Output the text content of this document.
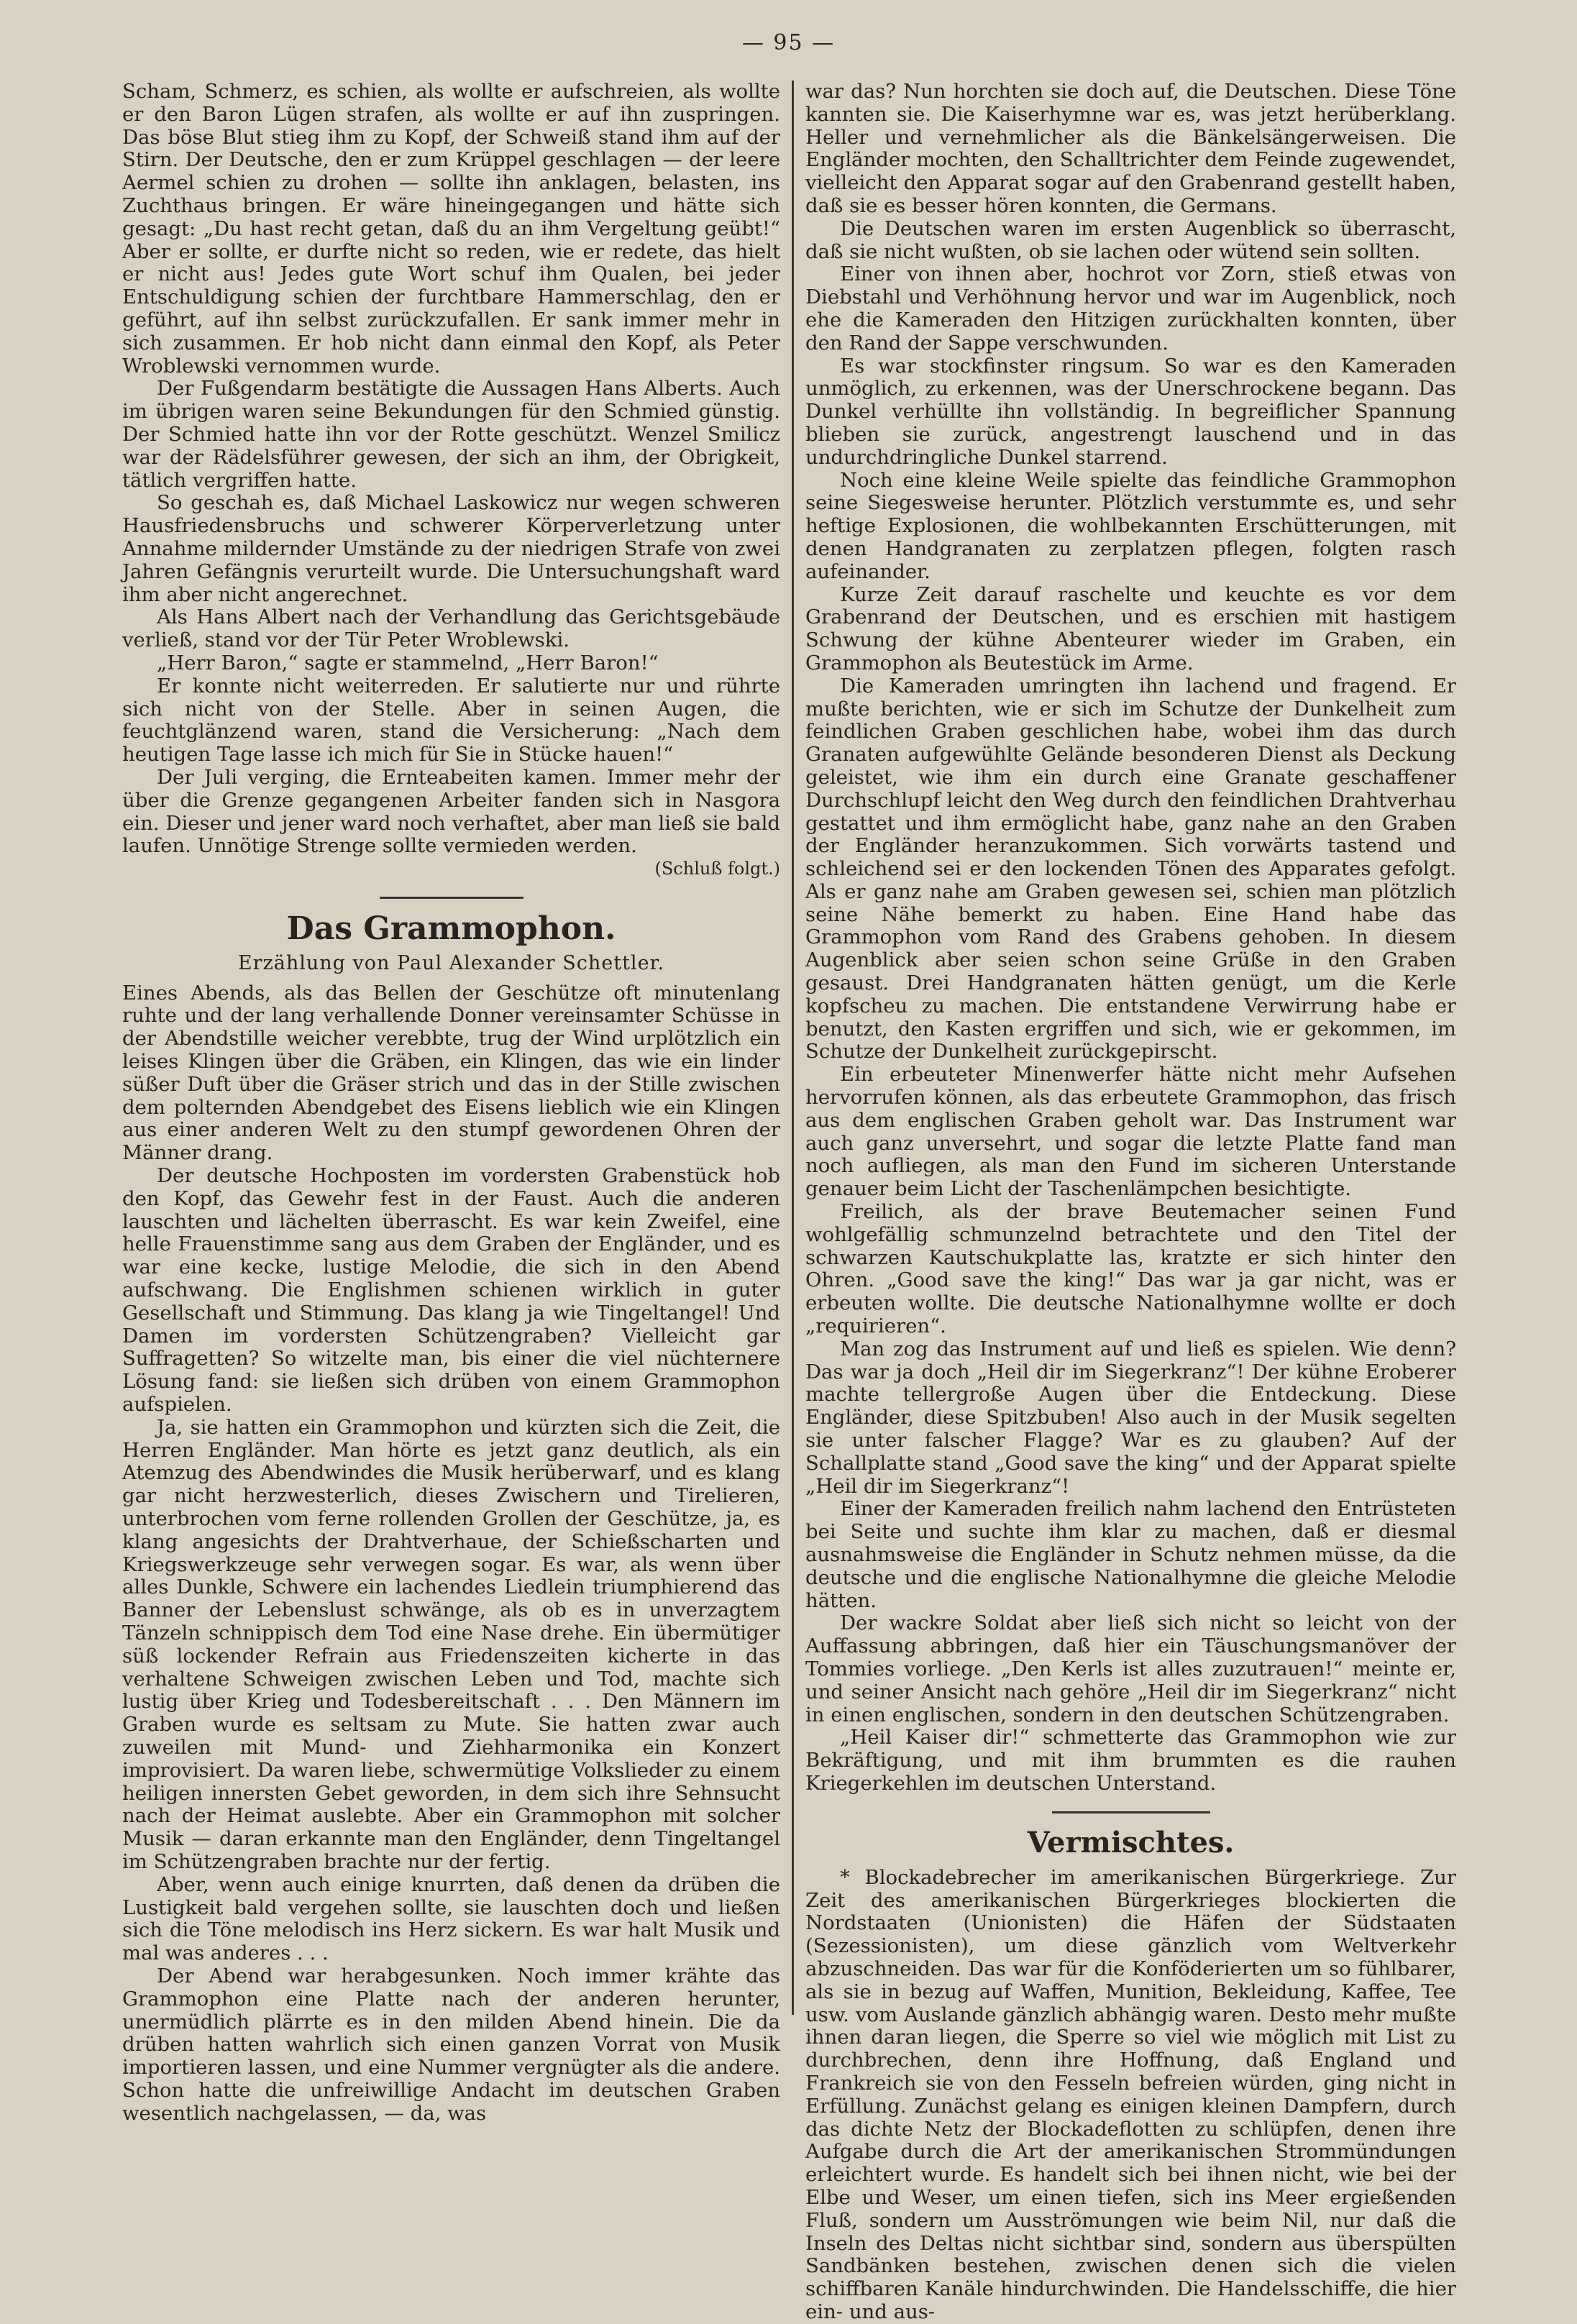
— 95 —

Scham, Schmerz, es schien, als wollte er aufschreien, als wollte er den Baron Lügen strafen, als wollte er auf ihn zuspringen. Das böse Blut stieg ihm zu Kopf, der Schweiß stand ihm auf der Stirn. Der Deutsche, den er zum Krüppel geschlagen — der leere Aermel schien zu drohen — sollte ihn anklagen, belasten, ins Zuchthaus bringen. Er wäre hineingegangen und hätte sich gesagt: „Du hast recht getan, daß du an ihm Vergeltung geübt!“ Aber er sollte, er durfte nicht so reden, wie er redete, das hielt er nicht aus! Jedes gute Wort schuf ihm Qualen, bei jeder Entschuldigung schien der furchtbare Hammerschlag, den er geführt, auf ihn selbst zurückzufallen. Er sank immer mehr in sich zusammen. Er hob nicht dann einmal den Kopf, als Peter Wroblewski vernommen wurde.

Der Fußgendarm bestätigte die Aussagen Hans Alberts. Auch im übrigen waren seine Bekundungen für den Schmied günstig. Der Schmied hatte ihn vor der Rotte geschützt. Wenzel Smilicz war der Rädelsführer gewesen, der sich an ihm, der Obrigkeit, tätlich vergriffen hatte.

So geschah es, daß Michael Laskowicz nur wegen schweren Hausfriedensbruchs und schwerer Körperverletzung unter Annahme mildernder Umstände zu der niedrigen Strafe von zwei Jahren Gefängnis verurteilt wurde. Die Untersuchungshaft ward ihm aber nicht angerechnet.

Als Hans Albert nach der Verhandlung das Gerichtsgebäude verließ, stand vor der Tür Peter Wroblewski.

„Herr Baron,“ sagte er stammelnd, „Herr Baron!“

Er konnte nicht weiterreden. Er salutierte nur und rührte sich nicht von der Stelle. Aber in seinen Augen, die feuchtglänzend waren, stand die Versicherung: „Nach dem heutigen Tage lasse ich mich für Sie in Stücke hauen!“

Der Juli verging, die Ernteabeiten kamen. Immer mehr der über die Grenze gegangenen Arbeiter fanden sich in Nasgora ein. Dieser und jener ward noch verhaftet, aber man ließ sie bald laufen. Unnötige Strenge sollte vermieden werden.

(Schluß folgt.)
Das Grammophon.
Erzählung von Paul Alexander Schettler.

Eines Abends, als das Bellen der Geschütze oft minutenlang ruhte und der lang verhallende Donner vereinsamter Schüsse in der Abendstille weicher verebbte, trug der Wind urplötzlich ein leises Klingen über die Gräben, ein Klingen, das wie ein linder süßer Duft über die Gräser strich und das in der Stille zwischen dem polternden Abendgebet des Eisens lieblich wie ein Klingen aus einer anderen Welt zu den stumpf gewordenen Ohren der Männer drang.

Der deutsche Hochposten im vordersten Grabenstück hob den Kopf, das Gewehr fest in der Faust. Auch die anderen lauschten und lächelten überrascht. Es war kein Zweifel, eine helle Frauenstimme sang aus dem Graben der Engländer, und es war eine kecke, lustige Melodie, die sich in den Abend aufschwang. Die Englishmen schienen wirklich in guter Gesellschaft und Stimmung. Das klang ja wie Tingeltangel! Und Damen im vordersten Schützengraben? Vielleicht gar Suffragetten? So witzelte man, bis einer die viel nüchternere Lösung fand: sie ließen sich drüben von einem Grammophon aufspielen.

Ja, sie hatten ein Grammophon und kürzten sich die Zeit, die Herren Engländer. Man hörte es jetzt ganz deutlich, als ein Atemzug des Abendwindes die Musik herüberwarf, und es klang gar nicht herzwesterlich, dieses Zwischern und Tirelieren, unterbrochen vom ferne rollenden Grollen der Geschütze, ja, es klang angesichts der Drahtverhaue, der Schießscharten und Kriegswerkzeuge sehr verwegen sogar. Es war, als wenn über alles Dunkle, Schwere ein lachendes Liedlein triumphierend das Banner der Lebenslust schwänge, als ob es in unverzagtem Tänzeln schnippisch dem Tod eine Nase drehe. Ein übermütiger süß lockender Refrain aus Friedenszeiten kicherte in das verhaltene Schweigen zwischen Leben und Tod, machte sich lustig über Krieg und Todesbereitschaft . . . Den Männern im Graben wurde es seltsam zu Mute. Sie hatten zwar auch zuweilen mit Mund- und Ziehharmonika ein Konzert improvisiert. Da waren liebe, schwermütige Volkslieder zu einem heiligen innersten Gebet geworden, in dem sich ihre Sehnsucht nach der Heimat auslebte. Aber ein Grammophon mit solcher Musik — daran erkannte man den Engländer, denn Tingeltangel im Schützengraben brachte nur der fertig.

Aber, wenn auch einige knurrten, daß denen da drüben die Lustigkeit bald vergehen sollte, sie lauschten doch und ließen sich die Töne melodisch ins Herz sickern. Es war halt Musik und mal was anderes . . .

Der Abend war herabgesunken. Noch immer krähte das Grammophon eine Platte nach der anderen herunter, unermüdlich plärrte es in den milden Abend hinein. Die da drüben hatten wahrlich sich einen ganzen Vorrat von Musik importieren lassen, und eine Nummer vergnügter als die andere. Schon hatte die unfreiwillige Andacht im deutschen Graben wesentlich nachgelassen, — da, was

war das? Nun horchten sie doch auf, die Deutschen. Diese Töne kannten sie. Die Kaiserhymne war es, was jetzt herüberklang. Heller und vernehmlicher als die Bänkelsängerweisen. Die Engländer mochten, den Schalltrichter dem Feinde zugewendet, vielleicht den Apparat sogar auf den Grabenrand gestellt haben, daß sie es besser hören konnten, die Germans.

Die Deutschen waren im ersten Augenblick so überrascht, daß sie nicht wußten, ob sie lachen oder wütend sein sollten.

Einer von ihnen aber, hochrot vor Zorn, stieß etwas von Diebstahl und Verhöhnung hervor und war im Augenblick, noch ehe die Kameraden den Hitzigen zurückhalten konnten, über den Rand der Sappe verschwunden.

Es war stockfinster ringsum. So war es den Kameraden unmöglich, zu erkennen, was der Unerschrockene begann. Das Dunkel verhüllte ihn vollständig. In begreiflicher Spannung blieben sie zurück, angestrengt lauschend und in das undurchdringliche Dunkel starrend.

Noch eine kleine Weile spielte das feindliche Grammophon seine Siegesweise herunter. Plötzlich verstummte es, und sehr heftige Explosionen, die wohlbekannten Erschütterungen, mit denen Handgranaten zu zerplatzen pflegen, folgten rasch aufeinander.

Kurze Zeit darauf raschelte und keuchte es vor dem Grabenrand der Deutschen, und es erschien mit hastigem Schwung der kühne Abenteurer wieder im Graben, ein Grammophon als Beutestück im Arme.

Die Kameraden umringten ihn lachend und fragend. Er mußte berichten, wie er sich im Schutze der Dunkelheit zum feindlichen Graben geschlichen habe, wobei ihm das durch Granaten aufgewühlte Gelände besonderen Dienst als Deckung geleistet, wie ihm ein durch eine Granate geschaffener Durchschlupf leicht den Weg durch den feindlichen Drahtverhau gestattet und ihm ermöglicht habe, ganz nahe an den Graben der Engländer heranzukommen. Sich vorwärts tastend und schleichend sei er den lockenden Tönen des Apparates gefolgt. Als er ganz nahe am Graben gewesen sei, schien man plötzlich seine Nähe bemerkt zu haben. Eine Hand habe das Grammophon vom Rand des Grabens gehoben. In diesem Augenblick aber seien schon seine Grüße in den Graben gesaust. Drei Handgranaten hätten genügt, um die Kerle kopfscheu zu machen. Die entstandene Verwirrung habe er benutzt, den Kasten ergriffen und sich, wie er gekommen, im Schutze der Dunkelheit zurückgepirscht.

Ein erbeuteter Minenwerfer hätte nicht mehr Aufsehen hervorrufen können, als das erbeutete Grammophon, das frisch aus dem englischen Graben geholt war. Das Instrument war auch ganz unversehrt, und sogar die letzte Platte fand man noch aufliegen, als man den Fund im sicheren Unterstande genauer beim Licht der Taschenlämpchen besichtigte.

Freilich, als der brave Beutemacher seinen Fund wohlgefällig schmunzelnd betrachtete und den Titel der schwarzen Kautschukplatte las, kratzte er sich hinter den Ohren. „Good save the king!“ Das war ja gar nicht, was er erbeuten wollte. Die deutsche Nationalhymne wollte er doch „requirieren“.

Man zog das Instrument auf und ließ es spielen. Wie denn? Das war ja doch „Heil dir im Siegerkranz“! Der kühne Eroberer machte tellergroße Augen über die Entdeckung. Diese Engländer, diese Spitzbuben! Also auch in der Musik segelten sie unter falscher Flagge? War es zu glauben? Auf der Schallplatte stand „Good save the king“ und der Apparat spielte „Heil dir im Siegerkranz“!

Einer der Kameraden freilich nahm lachend den Entrüsteten bei Seite und suchte ihm klar zu machen, daß er diesmal ausnahmsweise die Engländer in Schutz nehmen müsse, da die deutsche und die englische Nationalhymne die gleiche Melodie hätten.

Der wackre Soldat aber ließ sich nicht so leicht von der Auffassung abbringen, daß hier ein Täuschungsmanöver der Tommies vorliege. „Den Kerls ist alles zuzutrauen!“ meinte er, und seiner Ansicht nach gehöre „Heil dir im Siegerkranz“ nicht in einen englischen, sondern in den deutschen Schützengraben.

„Heil Kaiser dir!“ schmetterte das Grammophon wie zur Bekräftigung, und mit ihm brummten es die rauhen Kriegerkehlen im deutschen Unterstand.

Vermischtes.

* Blockadebrecher im amerikanischen Bürgerkriege. Zur Zeit des amerikanischen Bürgerkrieges blockierten die Nordstaaten (Unionisten) die Häfen der Südstaaten (Sezessionisten), um diese gänzlich vom Weltverkehr abzuschneiden. Das war für die Konföderierten um so fühlbarer, als sie in bezug auf Waffen, Munition, Bekleidung, Kaffee, Tee usw. vom Auslande gänzlich abhängig waren. Desto mehr mußte ihnen daran liegen, die Sperre so viel wie möglich mit List zu durchbrechen, denn ihre Hoffnung, daß England und Frankreich sie von den Fesseln befreien würden, ging nicht in Erfüllung. Zunächst gelang es einigen kleinen Dampfern, durch das dichte Netz der Blockadeflotten zu schlüpfen, denen ihre Aufgabe durch die Art der amerikanischen Strommündungen erleichtert wurde. Es handelt sich bei ihnen nicht, wie bei der Elbe und Weser, um einen tiefen, sich ins Meer ergießenden Fluß, sondern um Ausströmungen wie beim Nil, nur daß die Inseln des Deltas nicht sichtbar sind, sondern aus überspülten Sandbänken bestehen, zwischen denen sich die vielen schiffbaren Kanäle hindurchwinden. Die Handelsschiffe, die hier ein- und aus-
